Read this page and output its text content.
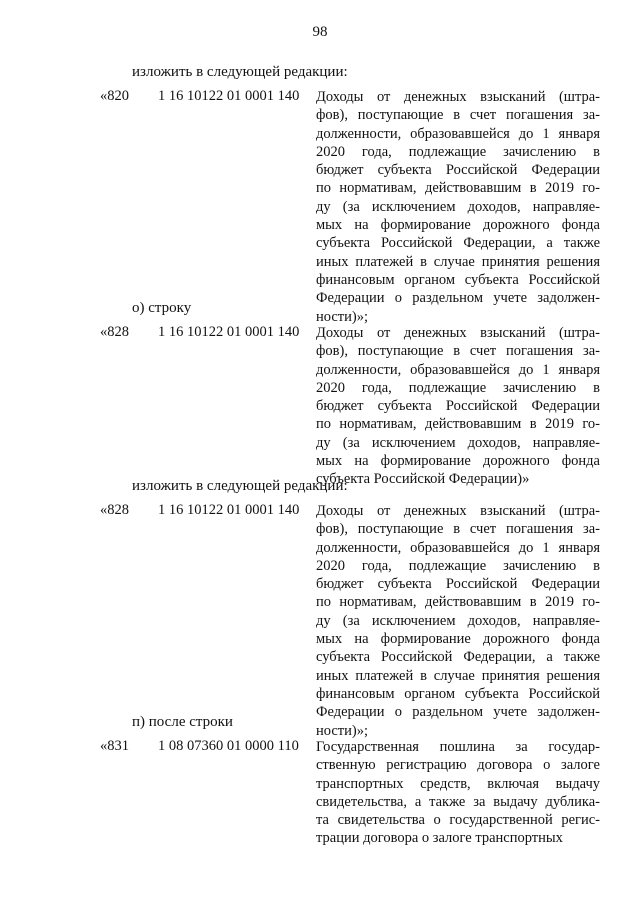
98
изложить в следующей редакции:
«820 1 16 10122 01 0001 140 Доходы от денежных взысканий (штра-
фов), поступающие в счет погашения за-
долженности, образовавшейся до 1 января
2020 года, подлежащие зачислению в
бюджет субъекта Российской Федерации
по нормативам, действовавшим в 2019 го-
ду (за исключением доходов, направляе-
мых на формирование дорожного фонда
субъекта Российской Федерации, а также
иных платежей в случае принятия решения
финансовым органом субъекта Российской
Федерации о раздельном учете задолжен-
ности)»;
о) строку
«828 1 16 10122 01 0001 140 Доходы от денежных взысканий (штра-
фов), поступающие в счет погашения за-
долженности, образовавшейся до 1 января
2020 года, подлежащие зачислению в
бюджет субъекта Российской Федерации
по нормативам, действовавшим в 2019 го-
ду (за исключением доходов, направляе-
мых на формирование дорожного фонда
субъекта Российской Федерации)»
изложить в следующей редакции:
«828 1 16 10122 01 0001 140 Доходы от денежных взысканий (штра-
фов), поступающие в счет погашения за-
долженности, образовавшейся до 1 января
2020 года, подлежащие зачислению в
бюджет субъекта Российской Федерации
по нормативам, действовавшим в 2019 го-
ду (за исключением доходов, направляе-
мых на формирование дорожного фонда
субъекта Российской Федерации, а также
иных платежей в случае принятия решения
финансовым органом субъекта Российской
Федерации о раздельном учете задолжен-
ности)»;
п) после строки
«831 1 08 07360 01 0000 110 Государственная пошлина за государ-
ственную регистрацию договора о залоге
транспортных средств, включая выдачу
свидетельства, а также за выдачу дублика-
та свидетельства о государственной регис-
трации договора о залоге транспортных
